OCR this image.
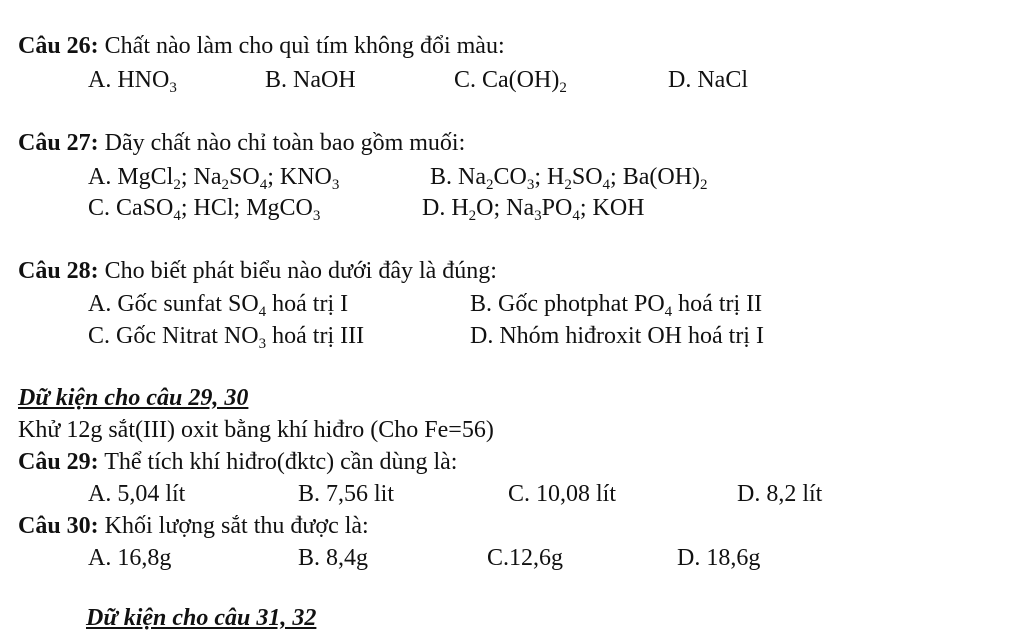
Câu 26: Chất nào làm cho quì tím không đổi màu:
A. $HNO_3$	B. NaOH	C. $Ca(OH)_2$	D. NaCl
Câu 27: Dãy chất nào chỉ toàn bao gồm muối:
A. MgCl$_2$; $Na_2SO_4$; $KNO_3$	B. $Na_2CO_3$; $H_2SO_4$; $Ba(OH)_2$
C. CaSO$_4$; HCl; MgCO$_3$	D. $H_2O$; $Na_3PO_4$; KOH
Câu 28: Cho biết phát biểu nào dưới đây là đúng:
A. Gốc sunfat $SO_4$ hoá trị I	B. Gốc photphat $PO_4$ hoá trị II
C. Gốc Nitrat $NO_3$ hoá trị III	D. Nhóm hiđroxit OH hoá trị I
Dữ kiện cho câu 29, 30
Khử 12g sắt(III) oxit bằng khí hiđro (Cho Fe=56)
Câu 29: Thể tích khí hiđro(đktc) cần dùng là:
A. 5,04 lít	B. 7,56 lit	C. 10,08 lít	D. 8,2 lít
Câu 30: Khối lượng sắt thu được là:
A. 16,8g	B. 8,4g	C.12,6g	D. 18,6g
Dữ kiện cho câu 31, 32
